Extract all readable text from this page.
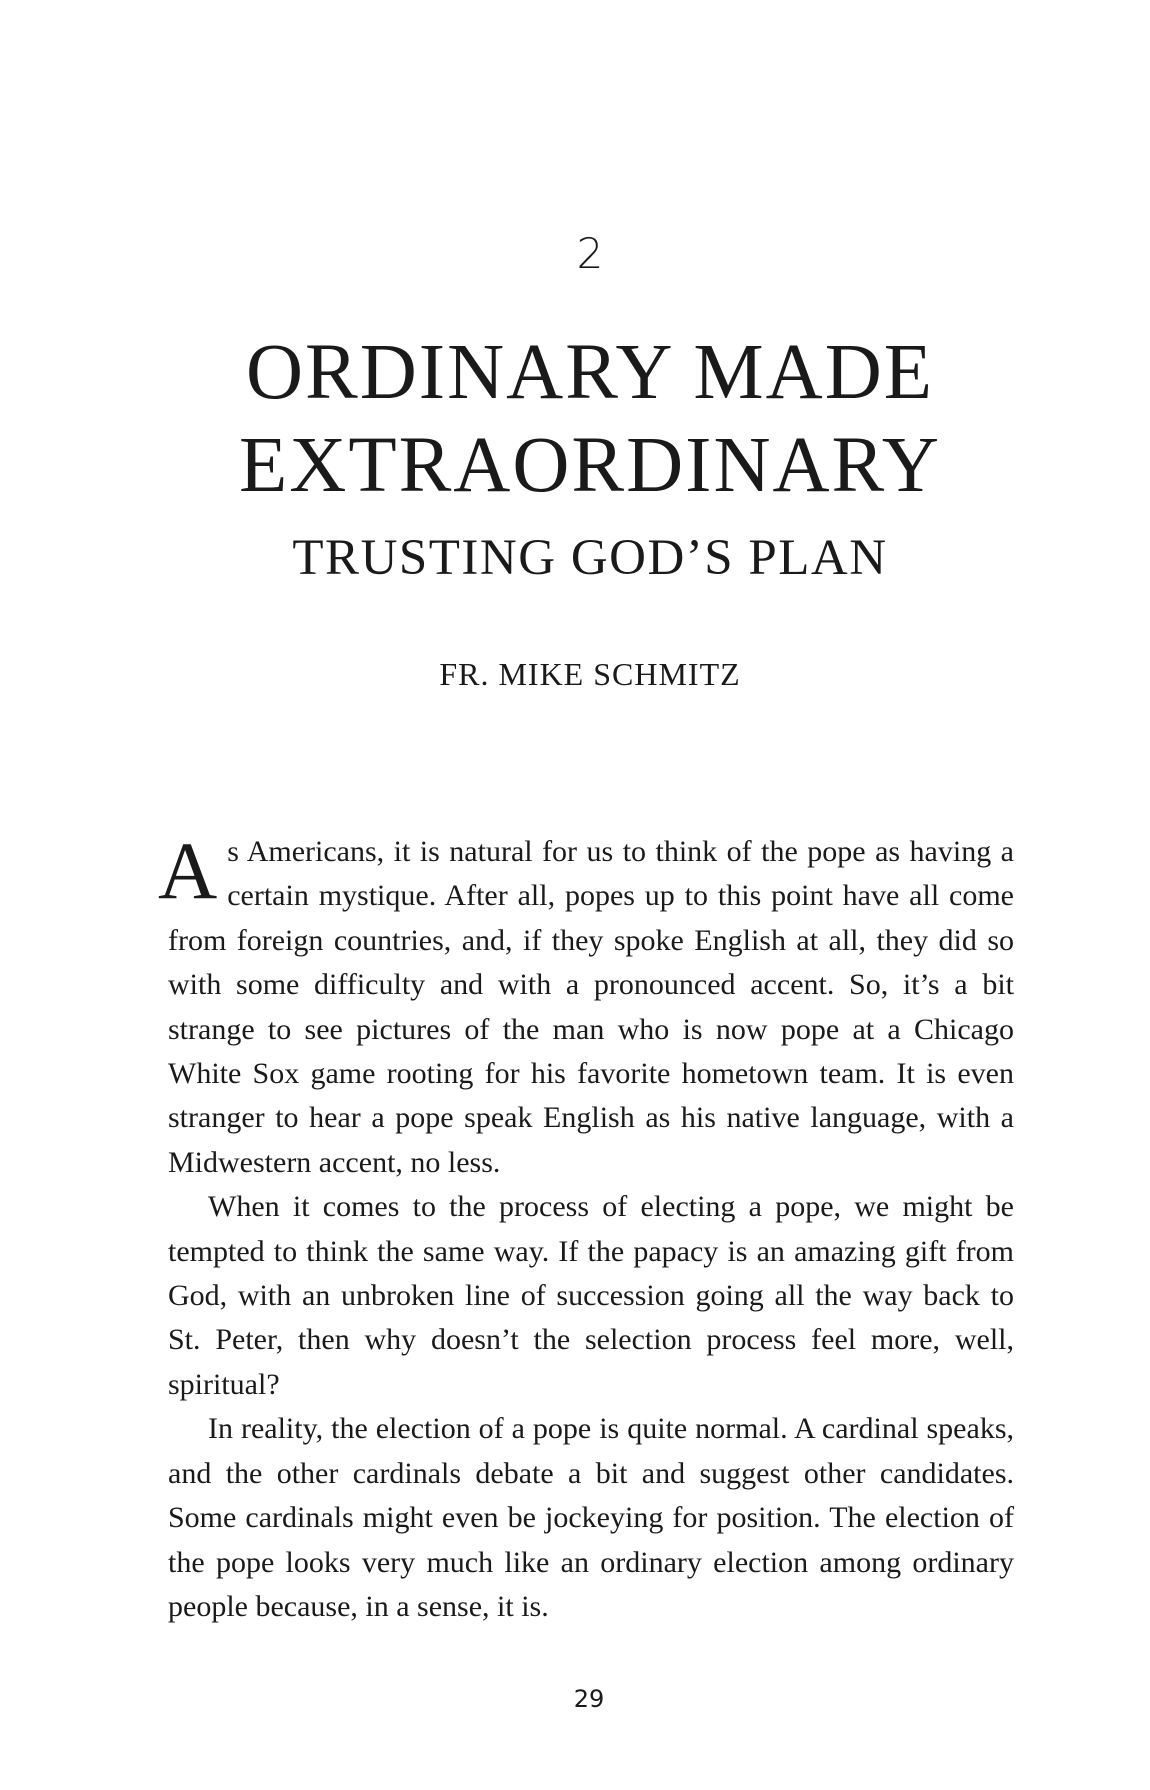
2
ORDINARY MADE
EXTRAORDINARY
TRUSTING GOD’S PLAN
FR. MIKE SCHMITZ

As Americans, it is natural for us to think of the pope as having a certain mystique. After all, popes up to this point have all come from foreign countries, and, if they spoke English at all, they did so with some difficulty and with a pronounced accent. So, it’s a bit strange to see pictures of the man who is now pope at a Chicago White Sox game rooting for his favorite hometown team. It is even stranger to hear a pope speak English as his native language, with a Midwestern accent, no less.

When it comes to the process of electing a pope, we might be tempted to think the same way. If the papacy is an amazing gift from God, with an unbroken line of succession going all the way back to St. Peter, then why doesn’t the selection process feel more, well, spiritual?

In reality, the election of a pope is quite normal. A cardinal speaks, and the other cardinals debate a bit and suggest other candidates. Some cardinals might even be jockeying for position. The election of the pope looks very much like an ordinary election among ordinary people because, in a sense, it is.

29
